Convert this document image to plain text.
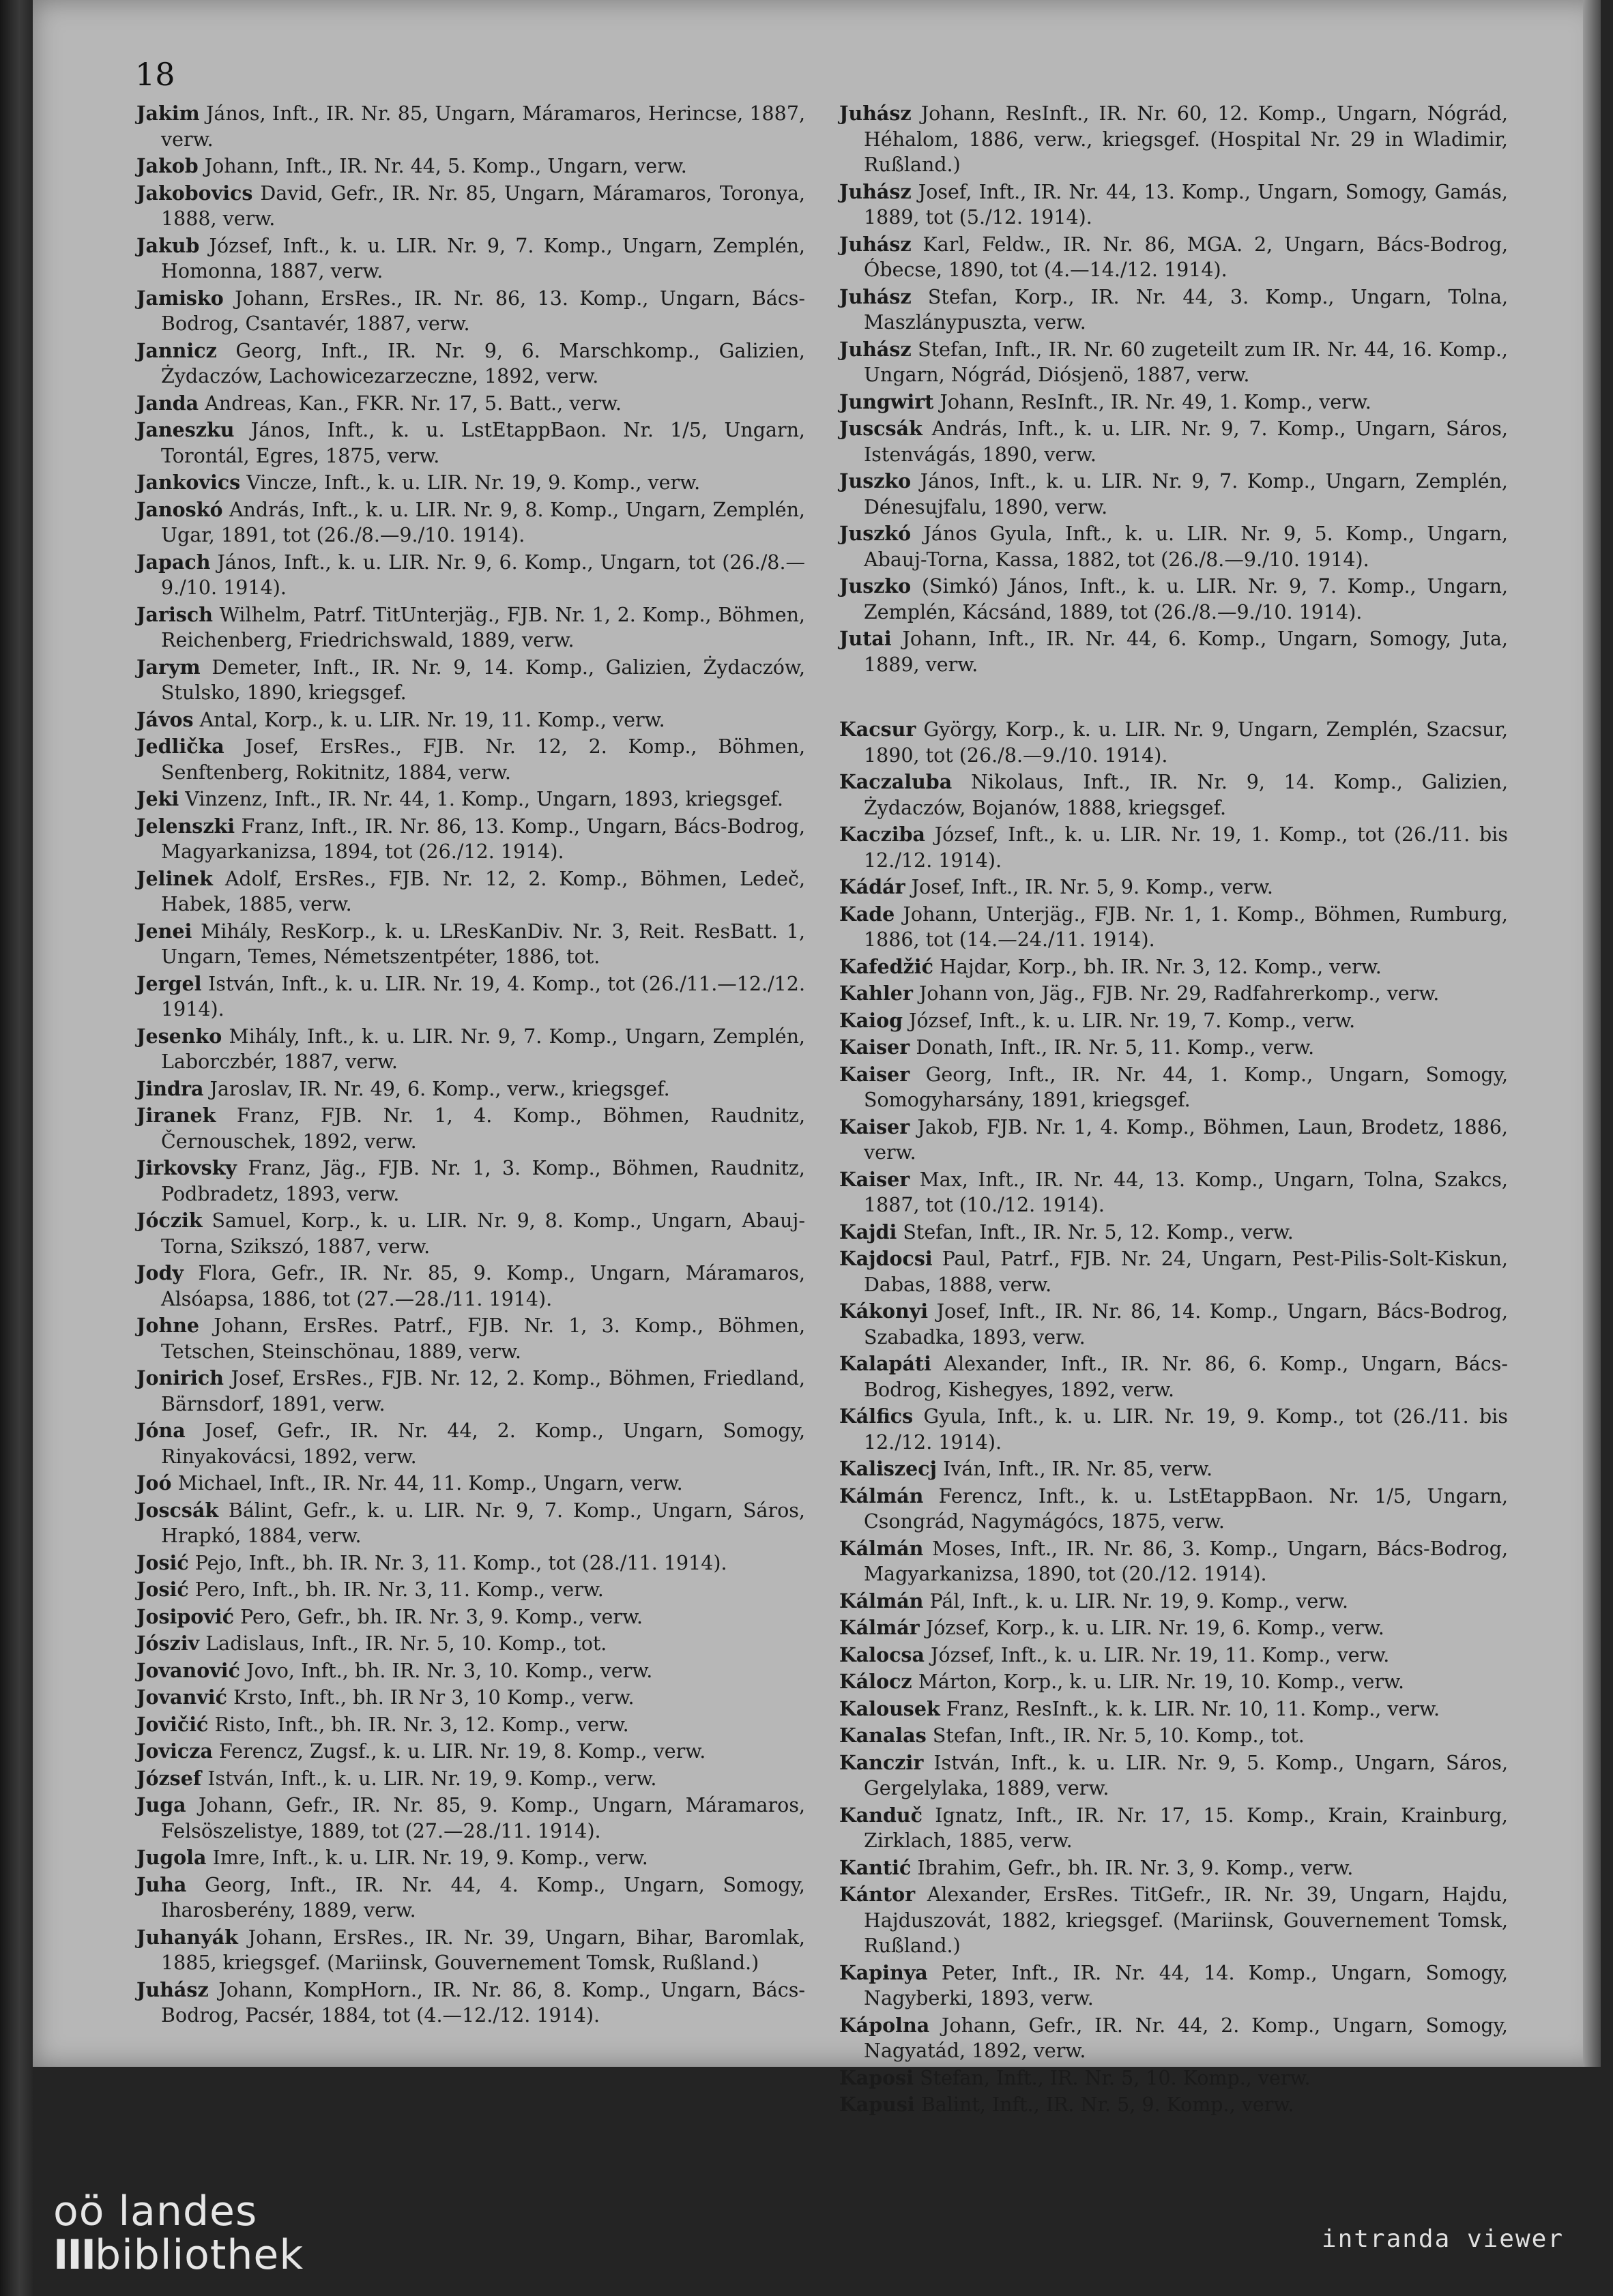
18
Jakim János, Inft., IR. Nr. 85, Ungarn, Máramaros, Herincse, 1887, verw.
Jakob Johann, Inft., IR. Nr. 44, 5. Komp., Ungarn, verw.
Jakobovics David, Gefr., IR. Nr. 85, Ungarn, Máramaros, Toronya, 1888, verw.
Jakub József, Inft., k. u. LIR. Nr. 9, 7. Komp., Ungarn, Zemplén, Homonna, 1887, verw.
Jamisko Johann, ErsRes., IR. Nr. 86, 13. Komp., Ungarn, Bács-Bodrog, Csantavér, 1887, verw.
Jannicz Georg, Inft., IR. Nr. 9, 6. Marschkomp., Galizien, Żydaczów, Lachowicezarzeczne, 1892, verw.
Janda Andreas, Kan., FKR. Nr. 17, 5. Batt., verw.
Janeszku János, Inft., k. u. LstEtappBaon. Nr. 1/5, Ungarn, Torontál, Egres, 1875, verw.
Jankovics Vincze, Inft., k. u. LIR. Nr. 19, 9. Komp., verw.
Janoskó András, Inft., k. u. LIR. Nr. 9, 8. Komp., Ungarn, Zemplén, Ugar, 1891, tot (26./8.—9./10. 1914).
Japach János, Inft., k. u. LIR. Nr. 9, 6. Komp., Ungarn, tot (26./8.—9./10. 1914).
Jarisch Wilhelm, Patrf. TitUnterjäg., FJB. Nr. 1, 2. Komp., Böhmen, Reichenberg, Friedrichswald, 1889, verw.
Jarym Demeter, Inft., IR. Nr. 9, 14. Komp., Galizien, Żydaczów, Stulsko, 1890, kriegsgef.
Jávos Antal, Korp., k. u. LIR. Nr. 19, 11. Komp., verw.
Jedlička Josef, ErsRes., FJB. Nr. 12, 2. Komp., Böhmen, Senftenberg, Rokitnitz, 1884, verw.
Jeki Vinzenz, Inft., IR. Nr. 44, 1. Komp., Ungarn, 1893, kriegsgef.
Jelenszki Franz, Inft., IR. Nr. 86, 13. Komp., Ungarn, Bács-Bodrog, Magyarkanizsa, 1894, tot (26./12. 1914).
Jelinek Adolf, ErsRes., FJB. Nr. 12, 2. Komp., Böhmen, Ledeč, Habek, 1885, verw.
Jenei Mihály, ResKorp., k. u. LResKanDiv. Nr. 3, Reit. ResBatt. 1, Ungarn, Temes, Németszentpéter, 1886, tot.
Jergel István, Inft., k. u. LIR. Nr. 19, 4. Komp., tot (26./11.—12./12. 1914).
Jesenko Mihály, Inft., k. u. LIR. Nr. 9, 7. Komp., Ungarn, Zemplén, Laborczbér, 1887, verw.
Jindra Jaroslav, IR. Nr. 49, 6. Komp., verw., kriegsgef.
Jiranek Franz, FJB. Nr. 1, 4. Komp., Böhmen, Raudnitz, Černouschek, 1892, verw.
Jirkovsky Franz, Jäg., FJB. Nr. 1, 3. Komp., Böhmen, Raudnitz, Podbradetz, 1893, verw.
Jóczik Samuel, Korp., k. u. LIR. Nr. 9, 8. Komp., Ungarn, Abauj-Torna, Szikszó, 1887, verw.
Jody Flora, Gefr., IR. Nr. 85, 9. Komp., Ungarn, Máramaros, Alsóapsa, 1886, tot (27.—28./11. 1914).
Johne Johann, ErsRes. Patrf., FJB. Nr. 1, 3. Komp., Böhmen, Tetschen, Steinschönau, 1889, verw.
Jonirich Josef, ErsRes., FJB. Nr. 12, 2. Komp., Böhmen, Friedland, Bärnsdorf, 1891, verw.
Jóna Josef, Gefr., IR. Nr. 44, 2. Komp., Ungarn, Somogy, Rinyakovácsi, 1892, verw.
Joó Michael, Inft., IR. Nr. 44, 11. Komp., Ungarn, verw.
Joscsák Bálint, Gefr., k. u. LIR. Nr. 9, 7. Komp., Ungarn, Sáros, Hrapkó, 1884, verw.
Josić Pejo, Inft., bh. IR. Nr. 3, 11. Komp., tot (28./11. 1914).
Josić Pero, Inft., bh. IR. Nr. 3, 11. Komp., verw.
Josipović Pero, Gefr., bh. IR. Nr. 3, 9. Komp., verw.
Jósziv Ladislaus, Inft., IR. Nr. 5, 10. Komp., tot.
Jovanović Jovo, Inft., bh. IR. Nr. 3, 10. Komp., verw.
Jovanvić Krsto, Inft., bh. IR Nr 3, 10 Komp., verw.
Jovičić Risto, Inft., bh. IR. Nr. 3, 12. Komp., verw.
Jovicza Ferencz, Zugsf., k. u. LIR. Nr. 19, 8. Komp., verw.
József István, Inft., k. u. LIR. Nr. 19, 9. Komp., verw.
Juga Johann, Gefr., IR. Nr. 85, 9. Komp., Ungarn, Máramaros, Felsöszelistye, 1889, tot (27.—28./11. 1914).
Jugola Imre, Inft., k. u. LIR. Nr. 19, 9. Komp., verw.
Juha Georg, Inft., IR. Nr. 44, 4. Komp., Ungarn, Somogy, Iharosberény, 1889, verw.
Juhanyák Johann, ErsRes., IR. Nr. 39, Ungarn, Bihar, Baromlak, 1885, kriegsgef. (Mariinsk, Gouvernement Tomsk, Rußland.)
Juhász Johann, KompHorn., IR. Nr. 86, 8. Komp., Ungarn, Bács-Bodrog, Pacsér, 1884, tot (4.—12./12. 1914).
Juhász Johann, ResInft., IR. Nr. 60, 12. Komp., Ungarn, Nógrád, Héhalom, 1886, verw., kriegsgef. (Hospital Nr. 29 in Wladimir, Rußland.)
Juhász Josef, Inft., IR. Nr. 44, 13. Komp., Ungarn, Somogy, Gamás, 1889, tot (5./12. 1914).
Juhász Karl, Feldw., IR. Nr. 86, MGA. 2, Ungarn, Bács-Bodrog, Óbecse, 1890, tot (4.—14./12. 1914).
Juhász Stefan, Korp., IR. Nr. 44, 3. Komp., Ungarn, Tolna, Maszlánypuszta, verw.
Juhász Stefan, Inft., IR. Nr. 60 zugeteilt zum IR. Nr. 44, 16. Komp., Ungarn, Nógrád, Diósjenö, 1887, verw.
Jungwirt Johann, ResInft., IR. Nr. 49, 1. Komp., verw.
Juscsák András, Inft., k. u. LIR. Nr. 9, 7. Komp., Ungarn, Sáros, Istenvágás, 1890, verw.
Juszko János, Inft., k. u. LIR. Nr. 9, 7. Komp., Ungarn, Zemplén, Dénesujfalu, 1890, verw.
Juszkó János Gyula, Inft., k. u. LIR. Nr. 9, 5. Komp., Ungarn, Abauj-Torna, Kassa, 1882, tot (26./8.—9./10. 1914).
Juszko (Simkó) János, Inft., k. u. LIR. Nr. 9, 7. Komp., Ungarn, Zemplén, Kácsánd, 1889, tot (26./8.—9./10. 1914).
Jutai Johann, Inft., IR. Nr. 44, 6. Komp., Ungarn, Somogy, Juta, 1889, verw.
Kacsur György, Korp., k. u. LIR. Nr. 9, Ungarn, Zemplén, Szacsur, 1890, tot (26./8.—9./10. 1914).
Kaczaluba Nikolaus, Inft., IR. Nr. 9, 14. Komp., Galizien, Żydaczów, Bojanów, 1888, kriegsgef.
Kacziba József, Inft., k. u. LIR. Nr. 19, 1. Komp., tot (26./11. bis 12./12. 1914).
Kádár Josef, Inft., IR. Nr. 5, 9. Komp., verw.
Kade Johann, Unterjäg., FJB. Nr. 1, 1. Komp., Böhmen, Rumburg, 1886, tot (14.—24./11. 1914).
Kafedžić Hajdar, Korp., bh. IR. Nr. 3, 12. Komp., verw.
Kahler Johann von, Jäg., FJB. Nr. 29, Radfahrerkomp., verw.
Kaiog József, Inft., k. u. LIR. Nr. 19, 7. Komp., verw.
Kaiser Donath, Inft., IR. Nr. 5, 11. Komp., verw.
Kaiser Georg, Inft., IR. Nr. 44, 1. Komp., Ungarn, Somogy, Somogyharsány, 1891, kriegsgef.
Kaiser Jakob, FJB. Nr. 1, 4. Komp., Böhmen, Laun, Brodetz, 1886, verw.
Kaiser Max, Inft., IR. Nr. 44, 13. Komp., Ungarn, Tolna, Szakcs, 1887, tot (10./12. 1914).
Kajdi Stefan, Inft., IR. Nr. 5, 12. Komp., verw.
Kajdocsi Paul, Patrf., FJB. Nr. 24, Ungarn, Pest-Pilis-Solt-Kiskun, Dabas, 1888, verw.
Kákonyi Josef, Inft., IR. Nr. 86, 14. Komp., Ungarn, Bács-Bodrog, Szabadka, 1893, verw.
Kalapáti Alexander, Inft., IR. Nr. 86, 6. Komp., Ungarn, Bács-Bodrog, Kishegyes, 1892, verw.
Kálfics Gyula, Inft., k. u. LIR. Nr. 19, 9. Komp., tot (26./11. bis 12./12. 1914).
Kaliszecj Iván, Inft., IR. Nr. 85, verw.
Kálmán Ferencz, Inft., k. u. LstEtappBaon. Nr. 1/5, Ungarn, Csongrád, Nagymágócs, 1875, verw.
Kálmán Moses, Inft., IR. Nr. 86, 3. Komp., Ungarn, Bács-Bodrog, Magyarkanizsa, 1890, tot (20./12. 1914).
Kálmán Pál, Inft., k. u. LIR. Nr. 19, 9. Komp., verw.
Kálmár József, Korp., k. u. LIR. Nr. 19, 6. Komp., verw.
Kalocsa József, Inft., k. u. LIR. Nr. 19, 11. Komp., verw.
Kálocz Márton, Korp., k. u. LIR. Nr. 19, 10. Komp., verw.
Kalousek Franz, ResInft., k. k. LIR. Nr. 10, 11. Komp., verw.
Kanalas Stefan, Inft., IR. Nr. 5, 10. Komp., tot.
Kanczir István, Inft., k. u. LIR. Nr. 9, 5. Komp., Ungarn, Sáros, Gergelylaka, 1889, verw.
Kanduč Ignatz, Inft., IR. Nr. 17, 15. Komp., Krain, Krainburg, Zirklach, 1885, verw.
Kantić Ibrahim, Gefr., bh. IR. Nr. 3, 9. Komp., verw.
Kántor Alexander, ErsRes. TitGefr., IR. Nr. 39, Ungarn, Hajdu, Hajduszovát, 1882, kriegsgef. (Mariinsk, Gouvernement Tomsk, Rußland.)
Kapinya Peter, Inft., IR. Nr. 44, 14. Komp., Ungarn, Somogy, Nagyberki, 1893, verw.
Kápolna Johann, Gefr., IR. Nr. 44, 2. Komp., Ungarn, Somogy, Nagyatád, 1892, verw.
Kaposi Stefan, Inft., IR. Nr. 5, 10. Komp., verw.
Kapusi Balint, Inft., IR. Nr. 5, 9. Komp., verw.
oö landes
IIIbibliothek	intranda viewer
